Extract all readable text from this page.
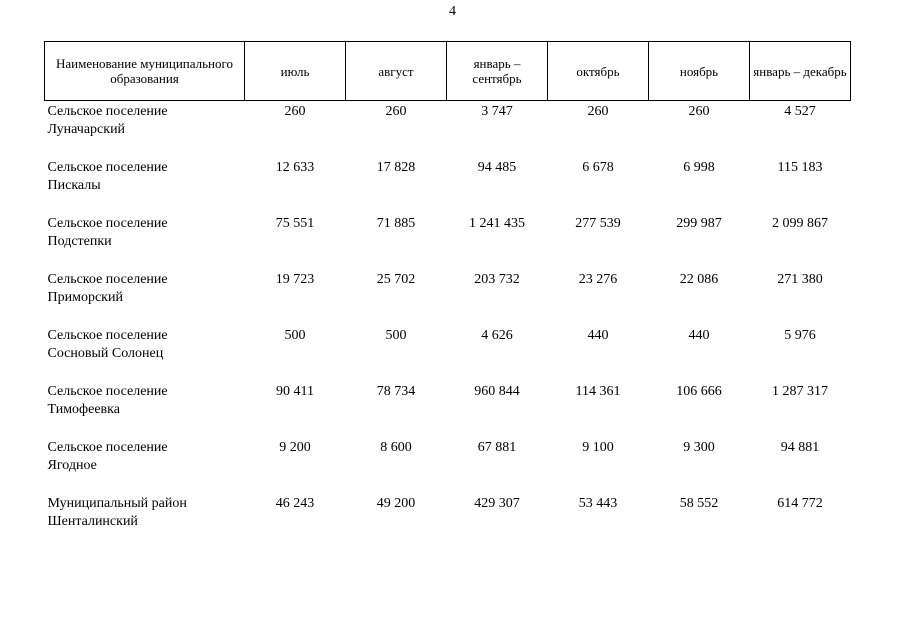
4
Наименование муниципального образования	июль	август	январь – сентябрь	октябрь	ноябрь	январь – декабрь

Сельское поселение
Луначарский	260	260	3 747	260	260	4 527

Сельское поселение
Пискалы	12 633	17 828	94 485	6 678	6 998	115 183

Сельское поселение
Подстепки	75 551	71 885	1 241 435	277 539	299 987	2 099 867

Сельское поселение
Приморский	19 723	25 702	203 732	23 276	22 086	271 380

Сельское поселение
Сосновый Солонец	500	500	4 626	440	440	5 976

Сельское поселение
Тимофеевка	90 411	78 734	960 844	114 361	106 666	1 287 317

Сельское поселение
Ягодное	9 200	8 600	67 881	9 100	9 300	94 881

Муниципальный район
Шенталинский	46 243	49 200	429 307	53 443	58 552	614 772
